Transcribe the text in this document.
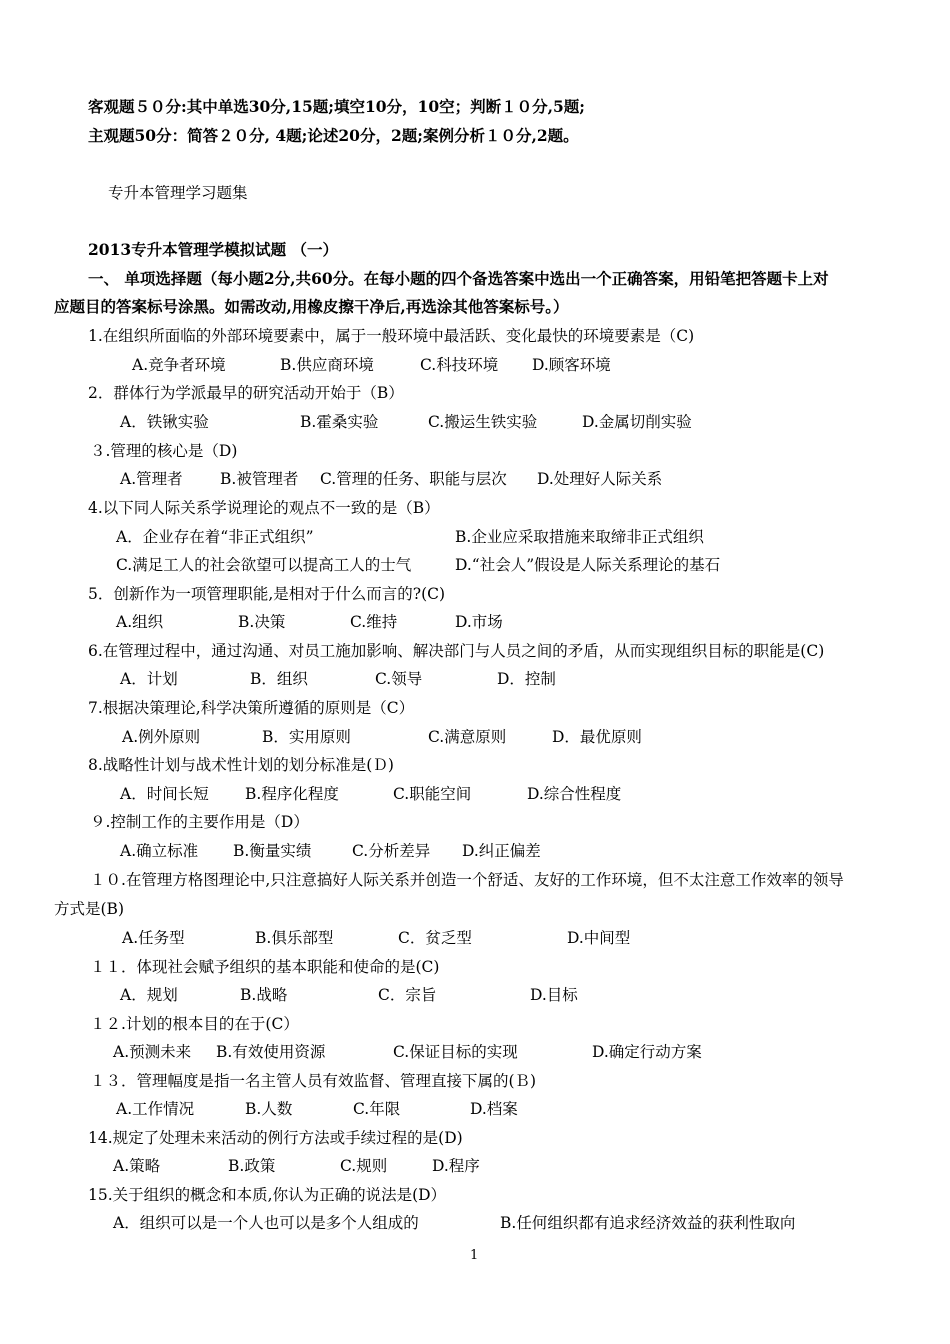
客观题５０分:其中单选30分,15题;填空10分，10空；判断１０分,5题;
主观题50分：简答２０分, 4题;论述20分，2题;案例分析１０分,2题。
专升本管理学习题集
2013专升本管理学模拟试题 （一）
一、 单项选择题（每小题2分,共60分。在每小题的四个备选答案中选出一个正确答案，用铅笔把答题卡上对
应题目的答案标号涂黑。如需改动,用橡皮擦干净后,再选涂其他答案标号。）
1.在组织所面临的外部环境要素中，属于一般环境中最活跃、变化最快的环境要素是（C)
A.竞争者环境	B.供应商环境	C.科技环境 D.顾客环境
2．群体行为学派最早的研究活动开始于（B）
A．铁锹实验	B.霍桑实验	C.搬运生铁实验	D.金属切削实验
３.管理的核心是（D)
A.管理者 B.被管理者 C.管理的任务、职能与层次 D.处理好人际关系
4.以下同人际关系学说理论的观点不一致的是（B）
A．企业存在着“非正式组织”	B.企业应采取措施来取缔非正式组织
C.满足工人的社会欲望可以提高工人的士气	D.“社会人”假设是人际关系理论的基石
5．创新作为一项管理职能,是相对于什么而言的?(C)
A.组织	B.决策	C.维持	D.市场
6.在管理过程中，通过沟通、对员工施加影响、解决部门与人员之间的矛盾，从而实现组织目标的职能是(C)
A．计划	B．组织	C.领导	D．控制
7.根据决策理论,科学决策所遵循的原则是（C）
A.例外原则	B．实用原则	C.满意原则	D．最优原则
8.战略性计划与战术性计划的划分标准是(Ｄ)
A．时间长短 B.程序化程度	C.职能空间	D.综合性程度
９.控制工作的主要作用是（D）
A.确立标准 B.衡量实绩	C.分析差异 D.纠正偏差
１０.在管理方格图理论中,只注意搞好人际关系并创造一个舒适、友好的工作环境，但不太注意工作效率的领导
方式是(B)
A.任务型	B.俱乐部型	C．贫乏型	D.中间型
１１．体现社会赋予组织的基本职能和使命的是(C)
A．规划	B.战略	C．宗旨	D.目标
１２.计划的根本目的在于(C）
A.预测未来 B.有效使用资源	C.保证目标的实现	D.确定行动方案
１３．管理幅度是指一名主管人员有效监督、管理直接下属的(Ｂ)
A.工作情况	B.人数	C.年限	D.档案
14.规定了处理未来活动的例行方法或手续过程的是(D)
A.策略	B.政策	C.规则	D.程序
15.关于组织的概念和本质,你认为正确的说法是(D）
A．组织可以是一个人也可以是多个人组成的	B.任何组织都有追求经济效益的获利性取向
1
